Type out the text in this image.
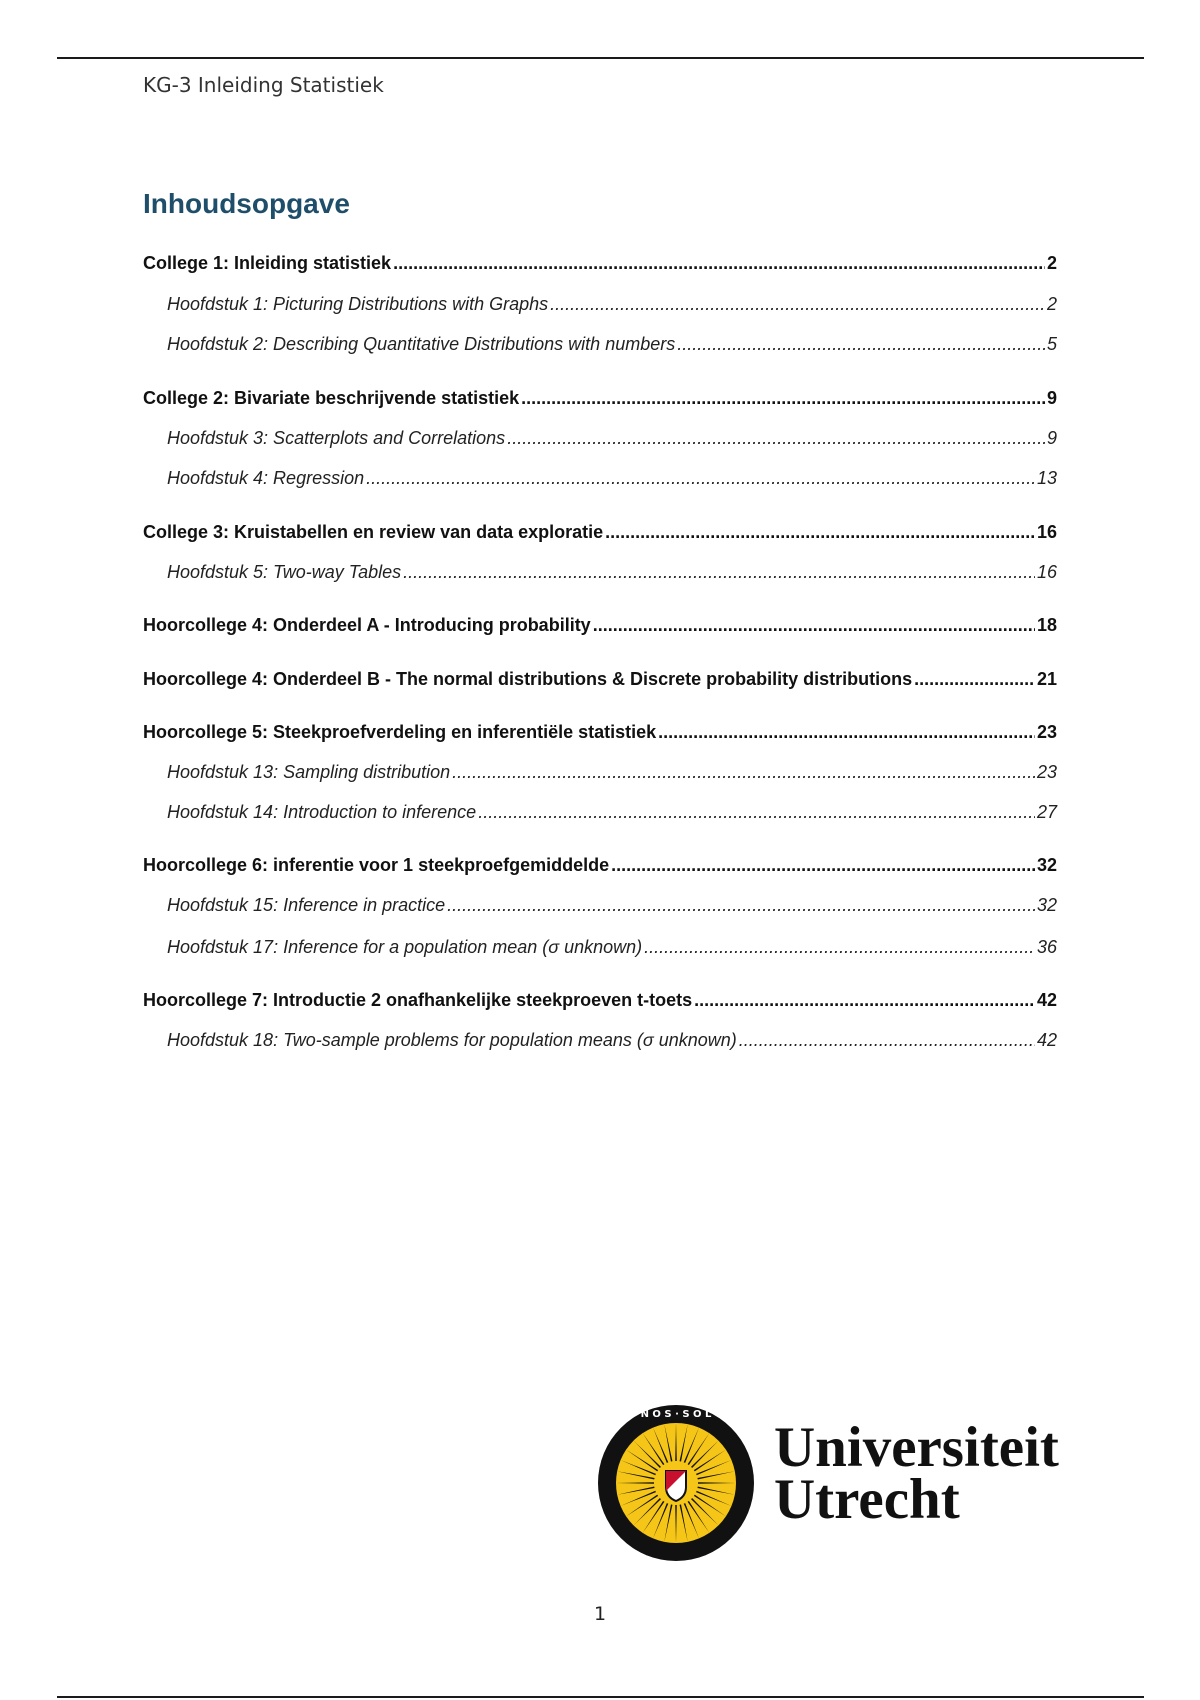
KG-3 Inleiding Statistiek
Inhoudsopgave
College 1: Inleiding statistiek .....	2
Hoofdstuk 1: Picturing Distributions with Graphs .....	2
Hoofdstuk 2: Describing Quantitative Distributions with numbers .....	5
College 2: Bivariate beschrijvende statistiek .....	9
Hoofdstuk 3: Scatterplots and Correlations .....	9
Hoofdstuk 4: Regression .....	13
College 3: Kruistabellen en review van data exploratie .....	16
Hoofdstuk 5: Two-way Tables .....	16
Hoorcollege 4: Onderdeel A - Introducing probability .....	18
Hoorcollege 4: Onderdeel B - The normal distributions & Discrete probability distributions .....	21
Hoorcollege 5: Steekproefverdeling en inferentiële statistiek .....	23
Hoofdstuk 13: Sampling distribution .....	23
Hoofdstuk 14: Introduction to inference .....	27
Hoorcollege 6: inferentie voor 1 steekproefgemiddelde .....	32
Hoofdstuk 15: Inference in practice .....	32
Hoofdstuk 17: Inference for a population mean (σ unknown) .....	36
Hoorcollege 7: Introductie 2 onafhankelijke steekproeven t-toets .....	42
Hoofdstuk 18: Two-sample problems for population means (σ unknown) .....	42
N O S · S O L
Universiteit
Utrecht
1
